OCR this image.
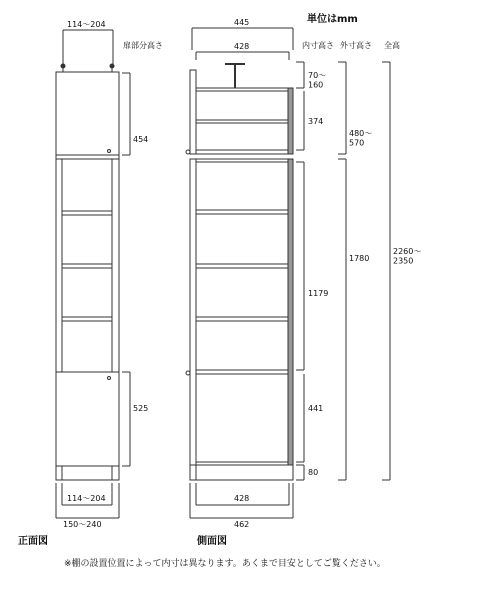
単位はmm
扉部分高さ	内寸高さ 外寸高さ 全高
114〜204
454
525
114〜204
150〜240
正面図
445
428
428
462
側面図
70〜 160
374
1179
441
80
480〜 570
1780
2260〜 2350
※棚の設置位置によって内寸は異なります。あくまで目安としてご覧ください。
